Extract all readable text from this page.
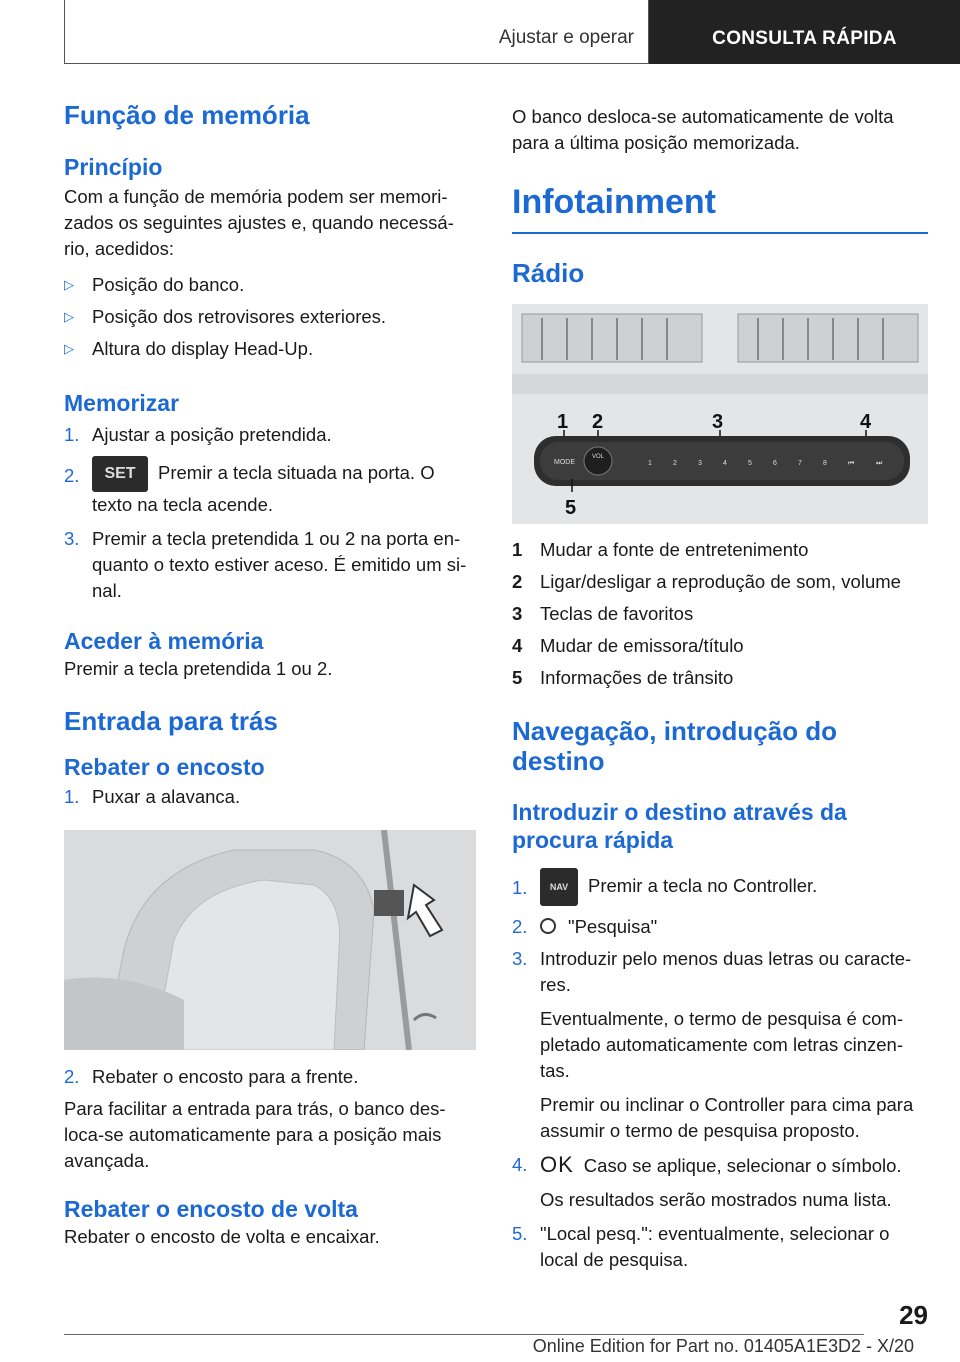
Ajustar e operar	CONSULTA RÁPIDA
Função de memória
Princípio

Com a função de memória podem ser memori-zados os seguintes ajustes e, quando necessá-rio, acedidos:

▷ Posição do banco.
▷ Posição dos retrovisores exteriores.
▷ Altura do display Head-Up.
Memorizar
1. Ajustar a posição pretendida.
2.	SET Premir a tecla situada na porta. O texto na tecla acende.
3. Premir a tecla pretendida 1 ou 2 na porta en-quanto o texto estiver aceso. É emitido um si-nal.
Aceder à memória

Premir a tecla pretendida 1 ou 2.

Entrada para trás
Rebater o encosto
1. Puxar a alavanca.
2. Rebater o encosto para a frente.

Para facilitar a entrada para trás, o banco des-loca-se automaticamente para a posição mais avançada.

Rebater o encosto de volta

Rebater o encosto de volta e encaixar.

O banco desloca-se automaticamente de volta para a última posição memorizada.

Infotainment
Rádio
MODE
VOL
1	2	3	4	5	6	7	8	⏮	⏭
1 2	3	4
5
1 Mudar a fonte de entretenimento
2 Ligar/desligar a reprodução de som, volume
3 Teclas de favoritos
4 Mudar de emissora/título
5 Informações de trânsito
Navegação, introdução do destino
Introduzir o destino através da procura rápida
1.	NAV Premir a tecla no Controller.
2.	"Pesquisa"
3. Introduzir pelo menos duas letras ou caracte-res.
Eventualmente, o termo de pesquisa é com-pletado automaticamente com letras cinzen-tas.
Premir ou inclinar o Controller para cima para assumir o termo de pesquisa proposto.
4. OK Caso se aplique, selecionar o símbolo.
Os resultados serão mostrados numa lista.
5. "Local pesq.": eventualmente, selecionar o local de pesquisa.
29
Online Edition for Part no. 01405A1E3D2 - X/20
